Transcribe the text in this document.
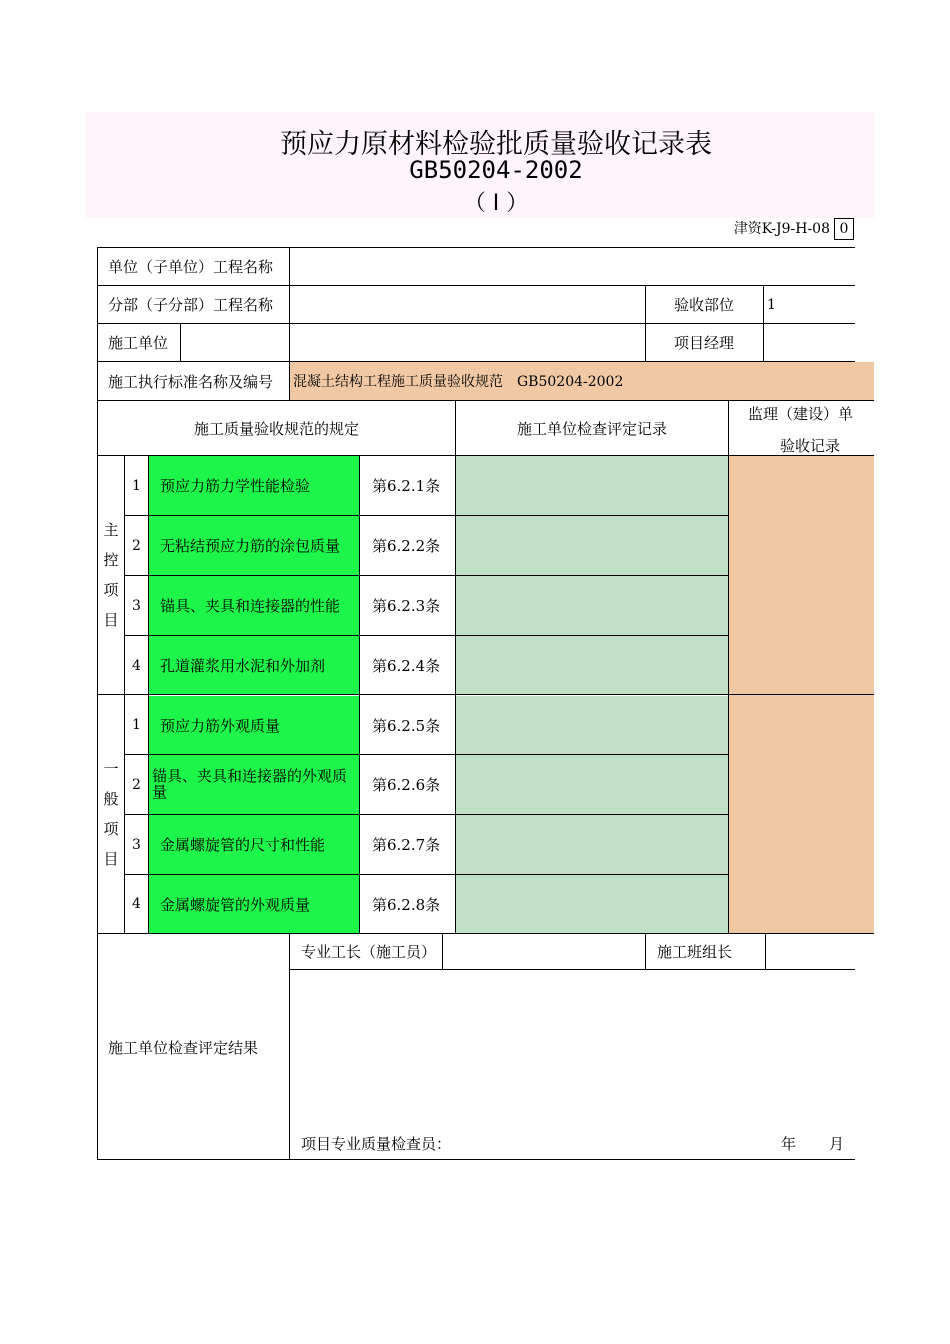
预应力原材料检验批质量验收记录表
GB50204-2002
（ Ⅰ ）
津资K-J9-H-08 0
单位（子单位）工程名称
分部（子分部）工程名称	验收部位 1
施工单位	项目经理
施工执行标准名称及编号 混凝土结构工程施工质量验收规范　GB50204-2002
施工质量验收规范的规定	施工单位检查评定记录
监理（建设）单
验收记录
主
控
项
目
一
般
项
目
1	预应力筋力学性能检验	第6.2.1条
2	无粘结预应力筋的涂包质量 第6.2.2条
3	锚具、夹具和连接器的性能 第6.2.3条
4	孔道灌浆用水泥和外加剂	第6.2.4条
1	预应力筋外观质量	第6.2.5条
2 锚具、夹具和连接器的外观质量	第6.2.6条
3	金属螺旋管的尺寸和性能	第6.2.7条
4	金属螺旋管的外观质量	第6.2.8条
施工单位检查评定结果
专业工长（施工员）	施工班组长
项目专业质量检查员：	年 月
